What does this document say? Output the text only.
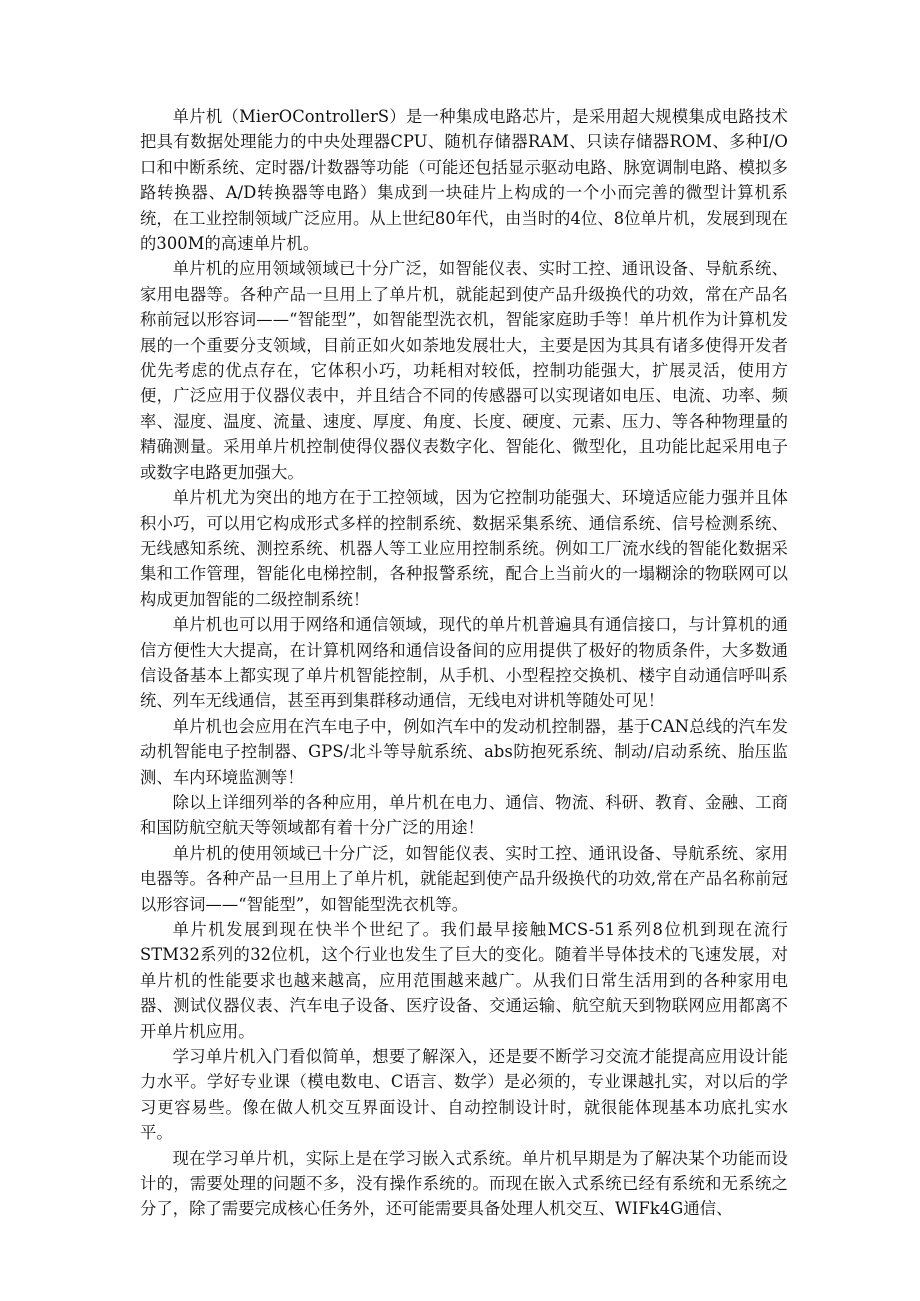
单片机（MierOControllerS）是一种集成电路芯片，是采用超大规模集成电路技术把具有数据处理能力的中央处理器CPU、随机存储器RAM、只读存储器ROM、多种I/O口和中断系统、定时器/计数器等功能（可能还包括显示驱动电路、脉宽调制电路、模拟多路转换器、A/D转换器等电路）集成到一块硅片上构成的一个小而完善的微型计算机系统，在工业控制领域广泛应用。从上世纪80年代，由当时的4位、8位单片机，发展到现在的300M的高速单片机。

单片机的应用领域领域已十分广泛，如智能仪表、实时工控、通讯设备、导航系统、家用电器等。各种产品一旦用上了单片机，就能起到使产品升级换代的功效，常在产品名称前冠以形容词——“智能型”，如智能型洗衣机，智能家庭助手等！单片机作为计算机发展的一个重要分支领域，目前正如火如荼地发展壮大，主要是因为其具有诸多使得开发者优先考虑的优点存在，它体积小巧，功耗相对较低，控制功能强大，扩展灵活，使用方便，广泛应用于仪器仪表中，并且结合不同的传感器可以实现诸如电压、电流、功率、频率、湿度、温度、流量、速度、厚度、角度、长度、硬度、元素、压力、等各种物理量的精确测量。采用单片机控制使得仪器仪表数字化、智能化、微型化，且功能比起采用电子或数字电路更加强大。

单片机尤为突出的地方在于工控领域，因为它控制功能强大、环境适应能力强并且体积小巧，可以用它构成形式多样的控制系统、数据采集系统、通信系统、信号检测系统、无线感知系统、测控系统、机器人等工业应用控制系统。例如工厂流水线的智能化数据采集和工作管理，智能化电梯控制，各种报警系统，配合上当前火的一塌糊涂的物联网可以构成更加智能的二级控制系统！

单片机也可以用于网络和通信领域，现代的单片机普遍具有通信接口，与计算机的通信方便性大大提高，在计算机网络和通信设备间的应用提供了极好的物质条件，大多数通信设备基本上都实现了单片机智能控制，从手机、小型程控交换机、楼宇自动通信呼叫系统、列车无线通信，甚至再到集群移动通信，无线电对讲机等随处可见！

单片机也会应用在汽车电子中，例如汽车中的发动机控制器，基于CAN总线的汽车发动机智能电子控制器、GPS/北斗等导航系统、abs防抱死系统、制动/启动系统、胎压监测、车内环境监测等！

除以上详细列举的各种应用，单片机在电力、通信、物流、科研、教育、金融、工商和国防航空航天等领域都有着十分广泛的用途！

单片机的使用领域已十分广泛，如智能仪表、实时工控、通讯设备、导航系统、家用电器等。各种产品一旦用上了单片机，就能起到使产品升级换代的功效,常在产品名称前冠以形容词——“智能型”，如智能型洗衣机等。

单片机发展到现在快半个世纪了。我们最早接触MCS-51系列8位机到现在流行STM32系列的32位机，这个行业也发生了巨大的变化。随着半导体技术的飞速发展，对单片机的性能要求也越来越高，应用范围越来越广。从我们日常生活用到的各种家用电器、测试仪器仪表、汽车电子设备、医疗设备、交通运输、航空航天到物联网应用都离不开单片机应用。

学习单片机入门看似简单，想要了解深入，还是要不断学习交流才能提高应用设计能力水平。学好专业课（模电数电、C语言、数学）是必须的，专业课越扎实，对以后的学习更容易些。像在做人机交互界面设计、自动控制设计时，就很能体现基本功底扎实水平。

现在学习单片机，实际上是在学习嵌入式系统。单片机早期是为了解决某个功能而设计的，需要处理的问题不多，没有操作系统的。而现在嵌入式系统已经有系统和无系统之分了，除了需要完成核心任务外，还可能需要具备处理人机交互、WIFk4G通信、
